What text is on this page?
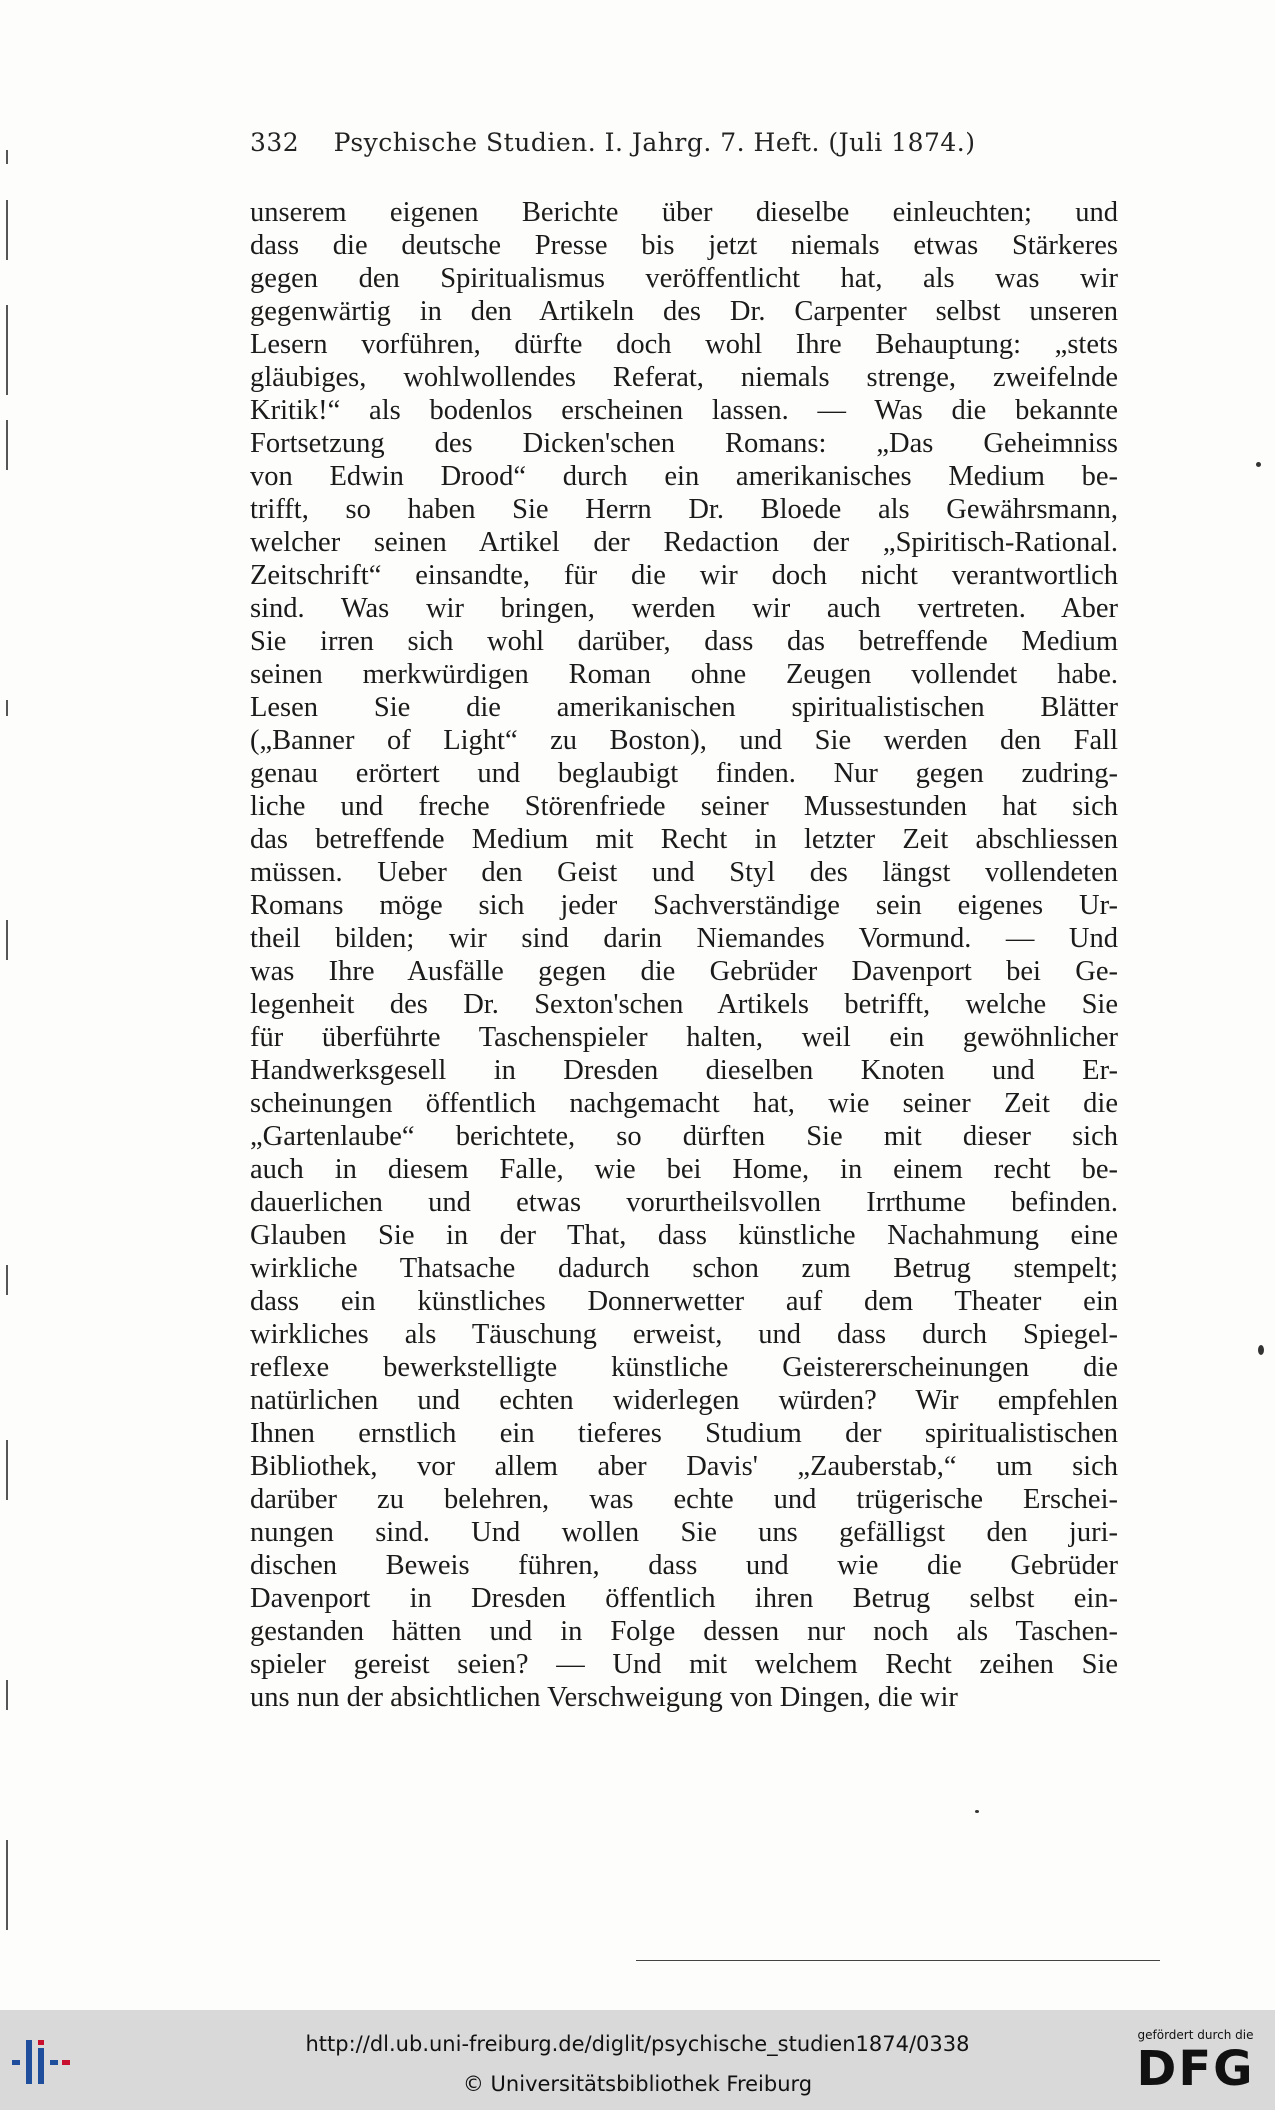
332 Psychische Studien. I. Jahrg. 7. Heft. (Juli 1874.)
unserem eigenen Berichte über dieselbe einleuchten; und
dass die deutsche Presse bis jetzt niemals etwas Stärkeres
gegen den Spiritualismus veröffentlicht hat, als was wir
gegenwärtig in den Artikeln des Dr. Carpenter selbst unseren
Lesern vorführen, dürfte doch wohl Ihre Behauptung: „stets
gläubiges, wohlwollendes Referat, niemals strenge, zweifelnde
Kritik!“ als bodenlos erscheinen lassen. — Was die bekannte
Fortsetzung des Dicken'schen Romans: „Das Geheimniss
von Edwin Drood“ durch ein amerikanisches Medium be-
trifft, so haben Sie Herrn Dr. Bloede als Gewährsmann,
welcher seinen Artikel der Redaction der „Spiritisch-Rational.
Zeitschrift“ einsandte, für die wir doch nicht verantwortlich
sind. Was wir bringen, werden wir auch vertreten. Aber
Sie irren sich wohl darüber, dass das betreffende Medium
seinen merkwürdigen Roman ohne Zeugen vollendet habe.
Lesen Sie die amerikanischen spiritualistischen Blätter
(„Banner of Light“ zu Boston), und Sie werden den Fall
genau erörtert und beglaubigt finden. Nur gegen zudring-
liche und freche Störenfriede seiner Mussestunden hat sich
das betreffende Medium mit Recht in letzter Zeit abschliessen
müssen. Ueber den Geist und Styl des längst vollendeten
Romans möge sich jeder Sachverständige sein eigenes Ur-
theil bilden; wir sind darin Niemandes Vormund. — Und
was Ihre Ausfälle gegen die Gebrüder Davenport bei Ge-
legenheit des Dr. Sexton'schen Artikels betrifft, welche Sie
für überführte Taschenspieler halten, weil ein gewöhnlicher
Handwerksgesell in Dresden dieselben Knoten und Er-
scheinungen öffentlich nachgemacht hat, wie seiner Zeit die
„Gartenlaube“ berichtete, so dürften Sie mit dieser sich
auch in diesem Falle, wie bei Home, in einem recht be-
dauerlichen und etwas vorurtheilsvollen Irrthume befinden.
Glauben Sie in der That, dass künstliche Nachahmung eine
wirkliche Thatsache dadurch schon zum Betrug stempelt;
dass ein künstliches Donnerwetter auf dem Theater ein
wirkliches als Täuschung erweist, und dass durch Spiegel-
reflexe bewerkstelligte künstliche Geistererscheinungen die
natürlichen und echten widerlegen würden? Wir empfehlen
Ihnen ernstlich ein tieferes Studium der spiritualistischen
Bibliothek, vor allem aber Davis' „Zauberstab,“ um sich
darüber zu belehren, was echte und trügerische Erschei-
nungen sind. Und wollen Sie uns gefälligst den juri-
dischen Beweis führen, dass und wie die Gebrüder
Davenport in Dresden öffentlich ihren Betrug selbst ein-
gestanden hätten und in Folge dessen nur noch als Taschen-
spieler gereist seien? — Und mit welchem Recht zeihen Sie
uns nun der absichtlichen Verschweigung von Dingen, die wir
http://dl.ub.uni-freiburg.de/diglit/psychische_studien1874/0338
© Universitätsbibliothek Freiburg
gefördert durch die
DFG
